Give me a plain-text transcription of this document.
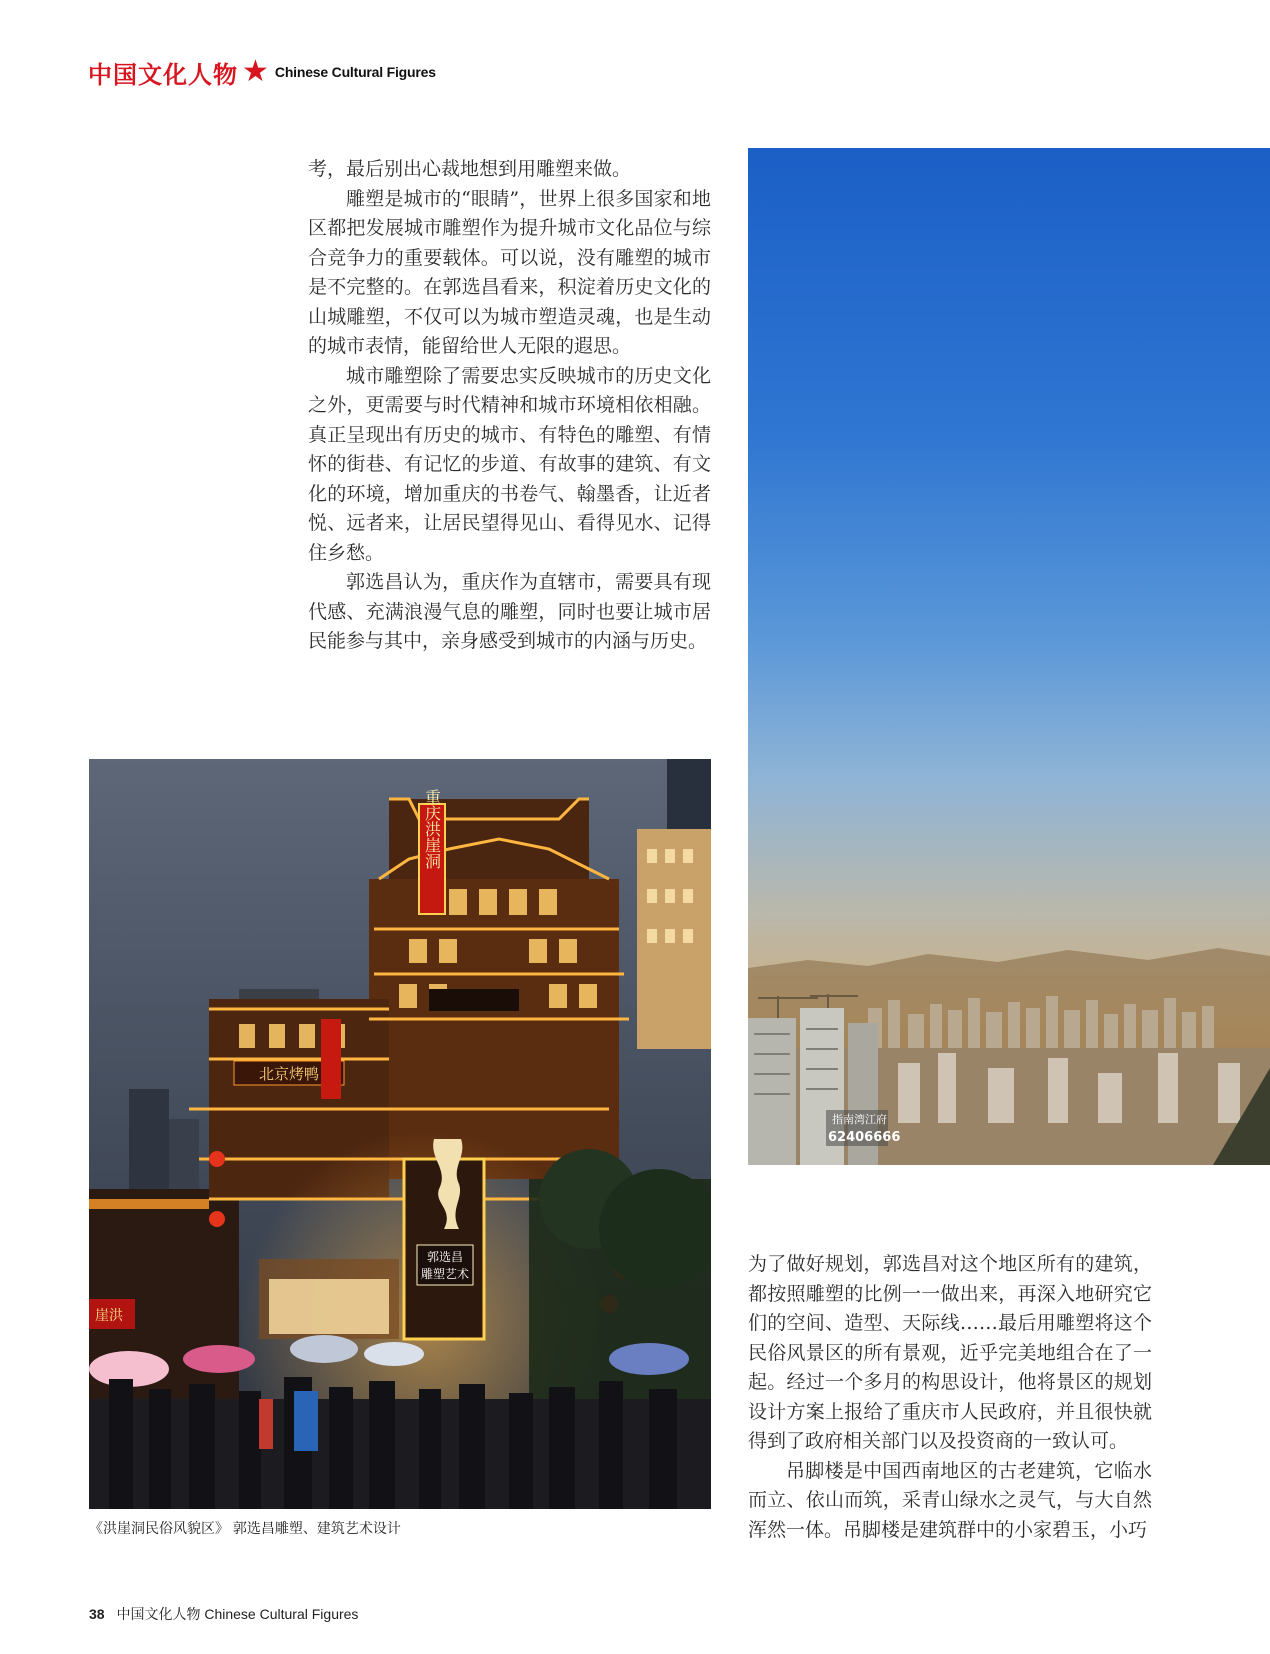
中国文化人物 ★ Chinese Cultural Figures

考，最后别出心裁地想到用雕塑来做。

雕塑是城市的“眼睛”，世界上很多国家和地区都把发展城市雕塑作为提升城市文化品位与综合竞争力的重要载体。可以说，没有雕塑的城市是不完整的。在郭选昌看来，积淀着历史文化的山城雕塑，不仅可以为城市塑造灵魂，也是生动的城市表情，能留给世人无限的遐思。

城市雕塑除了需要忠实反映城市的历史文化之外，更需要与时代精神和城市环境相依相融。真正呈现出有历史的城市、有特色的雕塑、有情怀的街巷、有记忆的步道、有故事的建筑、有文化的环境，增加重庆的书卷气、翰墨香，让近者悦、远者来，让居民望得见山、看得见水、记得住乡愁。

郭选昌认为，重庆作为直辖市，需要具有现代感、充满浪漫气息的雕塑，同时也要让城市居民能参与其中，亲身感受到城市的内涵与历史。

指南湾江府
62406666
重庆洪崖洞
北京烤鸭
郭选昌
雕塑艺术
崖洪
《洪崖洞民俗风貌区》 郭选昌雕塑、建筑艺术设计

为了做好规划，郭选昌对这个地区所有的建筑，都按照雕塑的比例一一做出来，再深入地研究它们的空间、造型、天际线……最后用雕塑将这个民俗风景区的所有景观，近乎完美地组合在了一起。经过一个多月的构思设计，他将景区的规划设计方案上报给了重庆市人民政府，并且很快就得到了政府相关部门以及投资商的一致认可。

吊脚楼是中国西南地区的古老建筑，它临水而立、依山而筑，采青山绿水之灵气，与大自然浑然一体。吊脚楼是建筑群中的小家碧玉，小巧

38 中国文化人物 Chinese Cultural Figures
